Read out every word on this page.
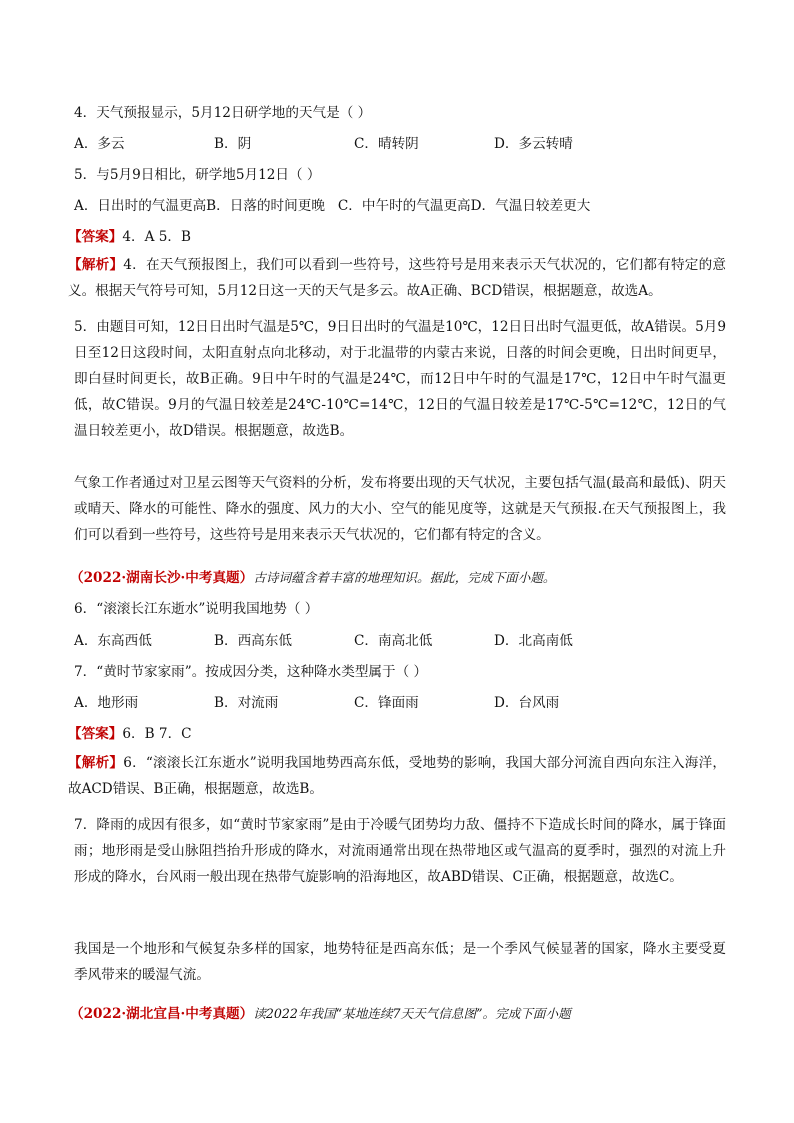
4．天气预报显示，5月12日研学地的天气是（ ）
A．多云	B．阴	C．晴转阴	D．多云转晴
5．与5月9日相比，研学地5月12日（ ）
A．日出时的气温更高B．日落的时间更晚 C．中午时的气温更高D．气温日较差更大
【答案】4．A 5．B
【解析】4．在天气预报图上，我们可以看到一些符号，这些符号是用来表示天气状况的，它们都有特定的意义。根据天气符号可知，5月12日这一天的天气是多云。故A正确、BCD错误，根据题意，故选A。
5．由题目可知，12日日出时气温是5℃，9日日出时的气温是10℃，12日日出时气温更低，故A错误。5月9日至12日这段时间，太阳直射点向北移动，对于北温带的内蒙古来说，日落的时间会更晚，日出时间更早，即白昼时间更长，故B正确。9日中午时的气温是24℃，而12日中午时的气温是17℃，12日中午时气温更低，故C错误。9月的气温日较差是24℃-10℃=14℃，12日的气温日较差是17℃-5℃=12℃，12日的气温日较差更小，故D错误。根据题意，故选B。
气象工作者通过对卫星云图等天气资料的分析，发布将要出现的天气状况，主要包括气温(最高和最低)、阴天或晴天、降水的可能性、降水的强度、风力的大小、空气的能见度等，这就是天气预报.在天气预报图上，我们可以看到一些符号，这些符号是用来表示天气状况的，它们都有特定的含义。
（2022·湖南长沙·中考真题）古诗词蕴含着丰富的地理知识。据此，完成下面小题。
6．“滚滚长江东逝水”说明我国地势（ ）
A．东高西低	B．西高东低	C．南高北低	D．北高南低
7．“黄时节家家雨”。按成因分类，这种降水类型属于（ ）
A．地形雨	B．对流雨	C．锋面雨	D．台风雨
【答案】6．B 7．C
【解析】6．“滚滚长江东逝水”说明我国地势西高东低，受地势的影响，我国大部分河流自西向东注入海洋，故ACD错误、B正确，根据题意，故选B。
7．降雨的成因有很多，如“黄时节家家雨”是由于冷暖气团势均力敌、僵持不下造成长时间的降水，属于锋面雨；地形雨是受山脉阻挡抬升形成的降水，对流雨通常出现在热带地区或气温高的夏季时，强烈的对流上升形成的降水，台风雨一般出现在热带气旋影响的沿海地区，故ABD错误、C正确，根据题意，故选C。
我国是一个地形和气候复杂多样的国家，地势特征是西高东低；是一个季风气候显著的国家，降水主要受夏季风带来的暖湿气流。
（2022·湖北宜昌·中考真题）读2022年我国“某地连续7天天气信息图”。完成下面小题
